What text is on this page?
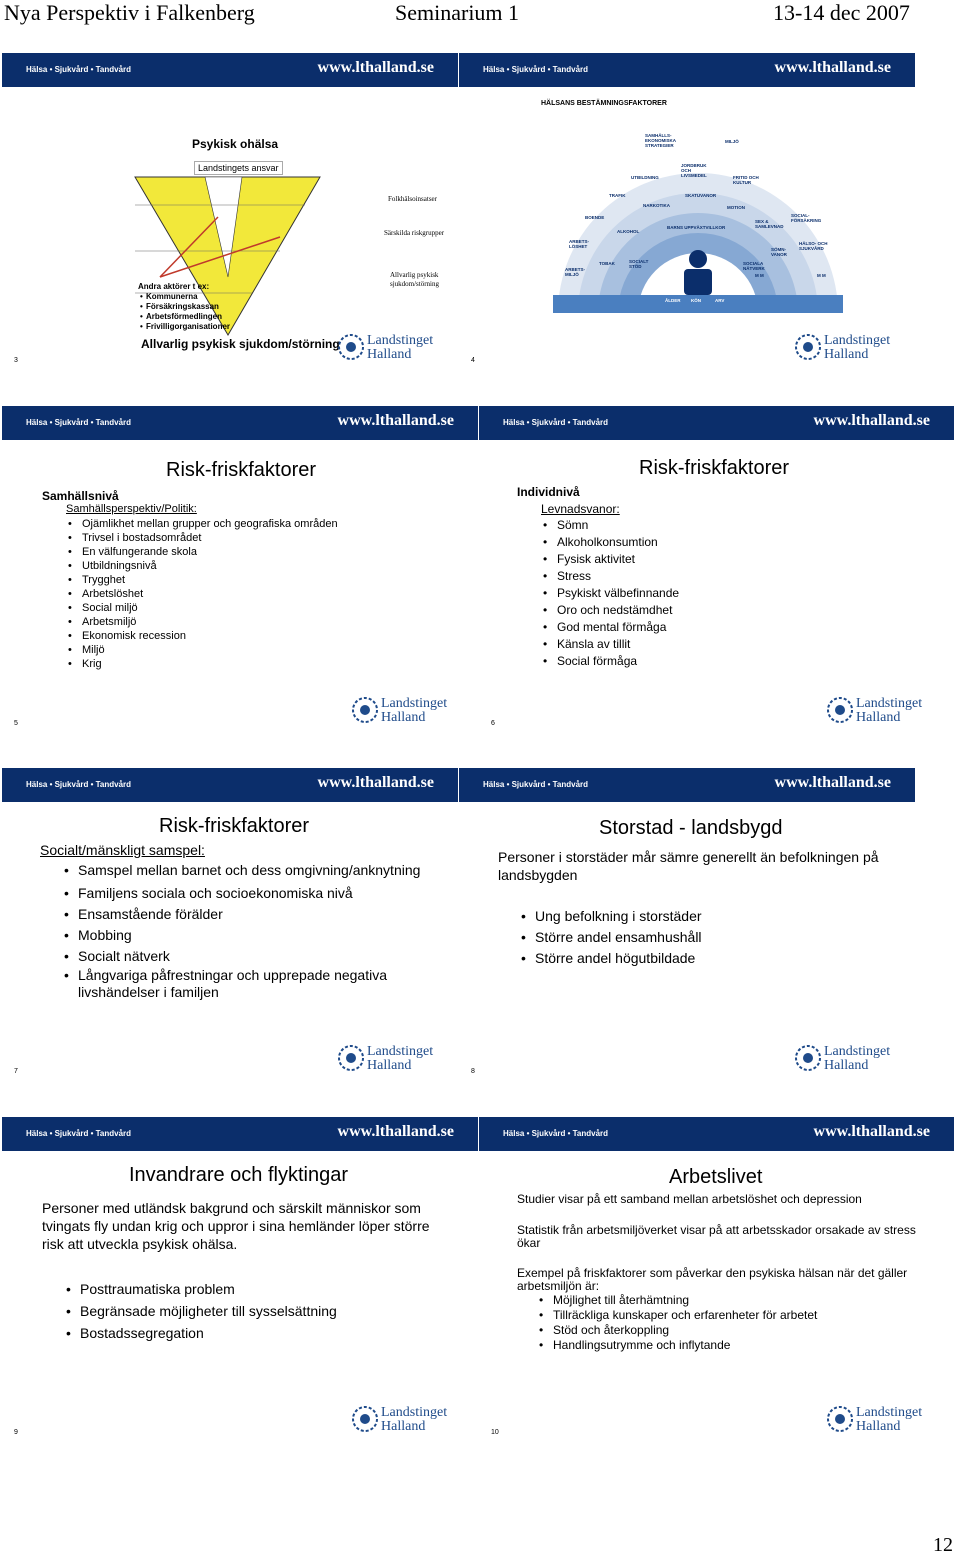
Nya Perspektiv i Falkenberg	Seminarium 1	13-14 dec 2007
Hälsa • Sjukvård • Tandvård	www.lthalland.se
Psykisk ohälsa
Landstingets ansvar
Folkhälsoinsatser
Särskilda riskgrupper
Allvarlig psykisk sjukdom/störning
Andra aktörer t ex:
• Kommunerna
• Försäkringskassan
• Arbetsförmedlingen
• Frivilligorganisationer
Allvarlig psykisk sjukdom/störning
3
Landstinget
Halland
Hälsa • Sjukvård • Tandvård	www.lthalland.se
HÄLSANS BESTÄMNINGSFAKTORER
SAMHÄLLS-EKONOMISKA STRATEGIER
MILJÖ
UTBILDNING
JORDBRUK OCH LIVSMEDEL	FRITID OCH KULTUR
TRAFIK
NARKOTIKA
SKATUVANOR
MOTION
SOCIAL-FÖRSÄKRING
BOENDE
ALKOHOL
BARNS UPPVÄXTVILLKOR
SEX & SAMLEVNAD
HÄLSO- OCH SJUKVÅRD
ARBETS-LÖSHET
TOBAK	SOCIALT STÖD
SOCIALA NÄTVERK
SÖMN-VANOR
ARBETS-MILJÖ	M M	M M
ÅLDER KÖN	ARV
4
Landstinget
Halland
Hälsa • Sjukvård • Tandvård	www.lthalland.se
Risk-friskfaktorer
Samhällsnivå
Samhällsperspektiv/Politik:
• Ojämlikhet mellan grupper och geografiska områden
• Trivsel i bostadsområdet
• En välfungerande skola
• Utbildningsnivå
• Trygghet
• Arbetslöshet
• Social miljö
• Arbetsmiljö
• Ekonomisk recession
• Miljö
• Krig
5
Landstinget
Halland
Hälsa • Sjukvård • Tandvård	www.lthalland.se
Risk-friskfaktorer
Individnivå
Levnadsvanor:
• Sömn
• Alkoholkonsumtion
• Fysisk aktivitet
• Stress
• Psykiskt välbefinnande
• Oro och nedstämdhet
• God mental förmåga
• Känsla av tillit
• Social förmåga
6
Landstinget
Halland
Hälsa • Sjukvård • Tandvård	www.lthalland.se
Risk-friskfaktorer
Socialt/mänskligt samspel:
• Samspel mellan barnet och dess omgivning/anknytning
• Familjens sociala och socioekonomiska nivå
• Ensamstående förälder
• Mobbing
• Socialt nätverk
• Långvariga påfrestningar och upprepade negativa livshändelser i familjen
7
Landstinget
Halland
Hälsa • Sjukvård • Tandvård	www.lthalland.se
Storstad - landsbygd
Personer i storstäder mår sämre generellt än befolkningen på landsbygden
• Ung befolkning i storstäder
• Större andel ensamhushåll
• Större andel högutbildade
8
Landstinget
Halland
Hälsa • Sjukvård • Tandvård	www.lthalland.se
Invandrare och flyktingar
Personer med utländsk bakgrund och särskilt människor som tvingats fly undan krig och uppror i sina hemländer löper större risk att utveckla psykisk ohälsa.
• Posttraumatiska problem
• Begränsade möjligheter till sysselsättning
• Bostadssegregation
9
Landstinget
Halland
Hälsa • Sjukvård • Tandvård	www.lthalland.se
Arbetslivet
Studier visar på ett samband mellan arbetslöshet och depression
Statistik från arbetsmiljöverket visar på att arbetsskador orsakade av stress ökar
Exempel på friskfaktorer som påverkar den psykiska hälsan när det gäller arbetsmiljön är:
• Möjlighet till återhämtning
• Tillräckliga kunskaper och erfarenheter för arbetet
• Stöd och återkoppling
• Handlingsutrymme och inflytande
10
Landstinget
Halland
12
